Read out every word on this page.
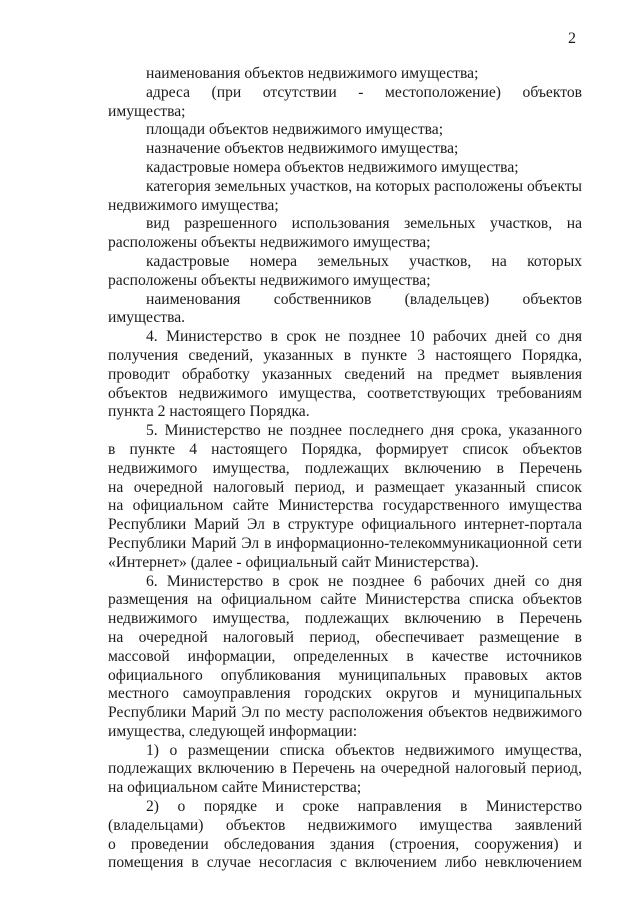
2
наименования объектов недвижимого имущества;
адреса (при отсутствии - местоположение) объектов
имущества;
площади объектов недвижимого имущества;
назначение объектов недвижимого имущества;
кадастровые номера объектов недвижимого имущества;
категория земельных участков, на которых расположены объекты
недвижимого имущества;
вид разрешенного использования земельных участков, на
расположены объекты недвижимого имущества;
кадастровые номера земельных участков, на которых
расположены объекты недвижимого имущества;
наименования собственников (владельцев) объектов
имущества.
4. Министерство в срок не позднее 10 рабочих дней со дня
получения сведений, указанных в пункте 3 настоящего Порядка,
проводит обработку указанных сведений на предмет выявления
объектов недвижимого имущества, соответствующих требованиям
пункта 2 настоящего Порядка.
5. Министерство не позднее последнего дня срока, указанного
в пункте 4 настоящего Порядка, формирует список объектов
недвижимого имущества, подлежащих включению в Перечень
на очередной налоговый период, и размещает указанный список
на официальном сайте Министерства государственного имущества
Республики Марий Эл в структуре официального интернет-портала
Республики Марий Эл в информационно-телекоммуникационной сети
«Интернет» (далее - официальный сайт Министерства).
6. Министерство в срок не позднее 6 рабочих дней со дня
размещения на официальном сайте Министерства списка объектов
недвижимого имущества, подлежащих включению в Перечень
на очередной налоговый период, обеспечивает размещение в
массовой информации, определенных в качестве источников
официального опубликования муниципальных правовых актов
местного самоуправления городских округов и муниципальных
Республики Марий Эл по месту расположения объектов недвижимого
имущества, следующей информации:
1) о размещении списка объектов недвижимого имущества,
подлежащих включению в Перечень на очередной налоговый период,
на официальном сайте Министерства;
2) о порядке и сроке направления в Министерство
(владельцами) объектов недвижимого имущества заявлений
о проведении обследования здания (строения, сооружения) и
помещения в случае несогласия с включением либо невключением
